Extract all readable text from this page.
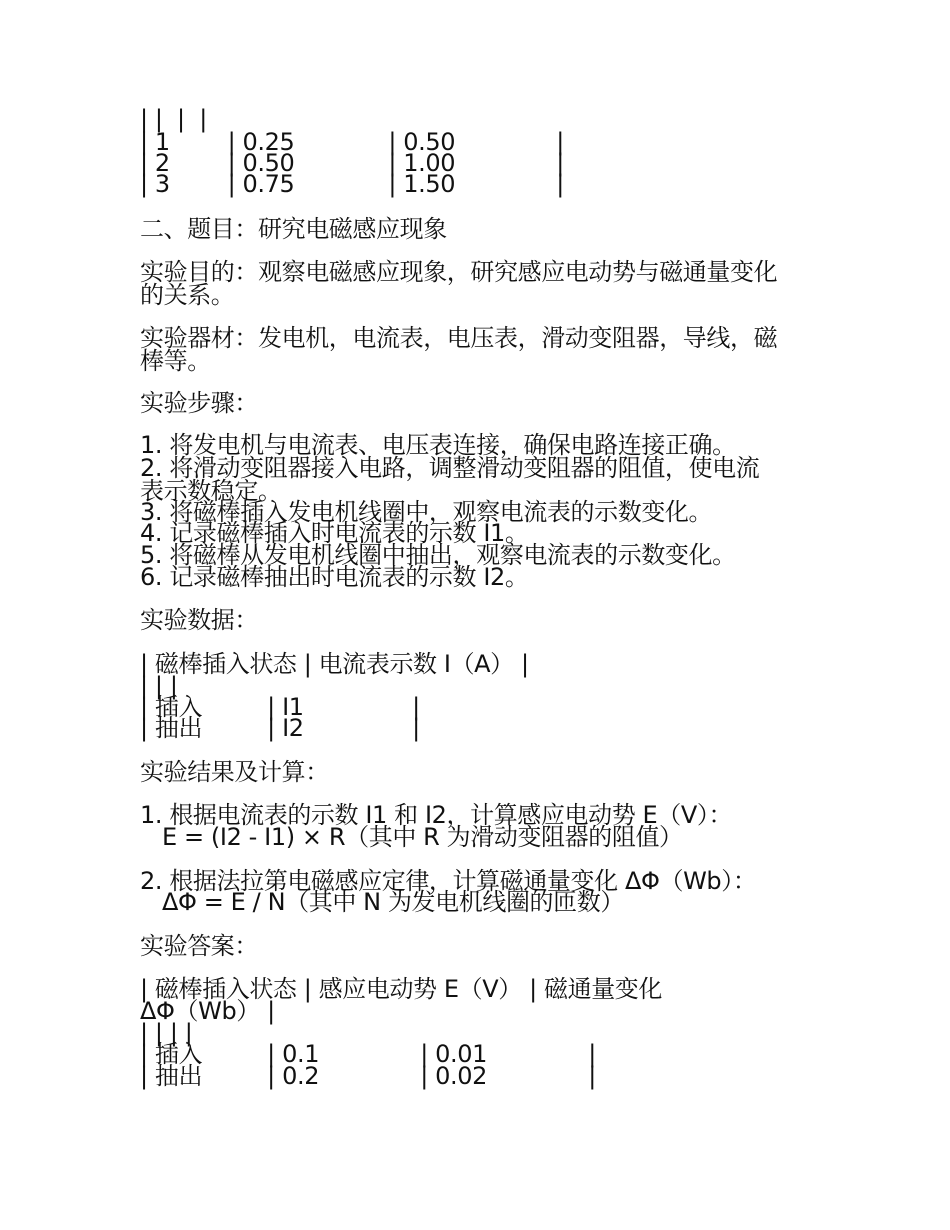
| |  |  |

| 1        | 0.25             | 0.50              |

| 2        | 0.50             | 1.00              |

| 3        | 0.75             | 1.50              |

二、题目：研究电磁感应现象

实验目的：观察电磁感应现象，研究感应电动势与磁通量变化

的关系。

实验器材：发电机，电流表，电压表，滑动变阻器，导线，磁

棒等。

实验步骤：

1. 将发电机与电流表、电压表连接，确保电路连接正确。

2. 将滑动变阻器接入电路，调整滑动变阻器的阻值，使电流

表示数稳定。

3. 将磁棒插入发电机线圈中，观察电流表的示数变化。

4. 记录磁棒插入时电流表的示数 I1。

5. 将磁棒从发电机线圈中抽出，观察电流表的示数变化。

6. 记录磁棒抽出时电流表的示数 I2。

实验数据：

| 磁棒插入状态 | 电流表示数 I（A） |

| | |

| 插入         | I1               |

| 抽出         | I2               |

实验结果及计算：

1. 根据电流表的示数 I1 和 I2，计算感应电动势 E（V）：

E = (I2 - I1) × R（其中 R 为滑动变阻器的阻值）

2. 根据法拉第电磁感应定律，计算磁通量变化 ΔΦ（Wb）：

ΔΦ = E / N（其中 N 为发电机线圈的匝数）

实验答案：

| 磁棒插入状态 | 感应电动势 E（V） | 磁通量变化

ΔΦ（Wb） |

| | | |

| 插入         | 0.1              | 0.01              |

| 抽出         | 0.2              | 0.02              |
